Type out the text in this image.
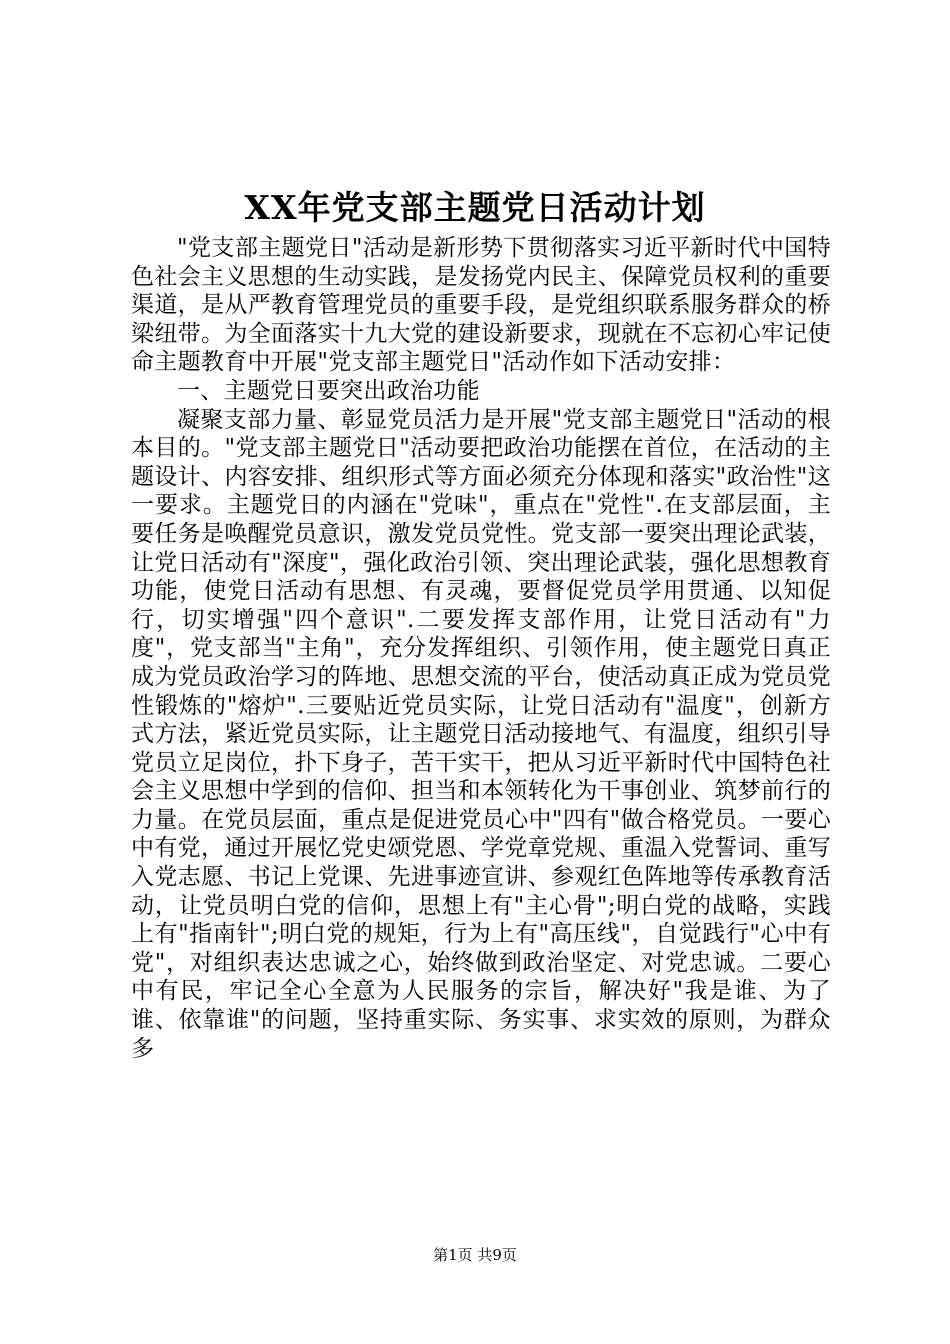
XX年党支部主题党日活动计划

"党支部主题党日"活动是新形势下贯彻落实习近平新时代中国特色社会主义思想的生动实践，是发扬党内民主、保障党员权利的重要渠道，是从严教育管理党员的重要手段，是党组织联系服务群众的桥梁纽带。为全面落实十九大党的建设新要求，现就在不忘初心牢记使命主题教育中开展"党支部主题党日"活动作如下活动安排：

一、主题党日要突出政治功能

凝聚支部力量、彰显党员活力是开展"党支部主题党日"活动的根本目的。"党支部主题党日"活动要把政治功能摆在首位，在活动的主题设计、内容安排、组织形式等方面必须充分体现和落实"政治性"这一要求。主题党日的内涵在"党味"，重点在"党性".在支部层面，主要任务是唤醒党员意识，激发党员党性。党支部一要突出理论武装，让党日活动有"深度"，强化政治引领、突出理论武装，强化思想教育功能，使党日活动有思想、有灵魂，要督促党员学用贯通、以知促行，切实增强"四个意识".二要发挥支部作用，让党日活动有"力度"，党支部当"主角"，充分发挥组织、引领作用，使主题党日真正成为党员政治学习的阵地、思想交流的平台，使活动真正成为党员党性锻炼的"熔炉".三要贴近党员实际，让党日活动有"温度"，创新方式方法，紧近党员实际，让主题党日活动接地气、有温度，组织引导党员立足岗位，扑下身子，苦干实干，把从习近平新时代中国特色社会主义思想中学到的信仰、担当和本领转化为干事创业、筑梦前行的力量。在党员层面，重点是促进党员心中"四有"做合格党员。一要心中有党，通过开展忆党史颂党恩、学党章党规、重温入党誓词、重写入党志愿、书记上党课、先进事迹宣讲、参观红色阵地等传承教育活动，让党员明白党的信仰，思想上有"主心骨";明白党的战略，实践上有"指南针";明白党的规矩，行为上有"高压线"，自觉践行"心中有党"，对组织表达忠诚之心，始终做到政治坚定、对党忠诚。二要心中有民，牢记全心全意为人民服务的宗旨，解决好"我是谁、为了谁、依靠谁"的问题，坚持重实际、务实事、求实效的原则，为群众多

第1页 共9页
